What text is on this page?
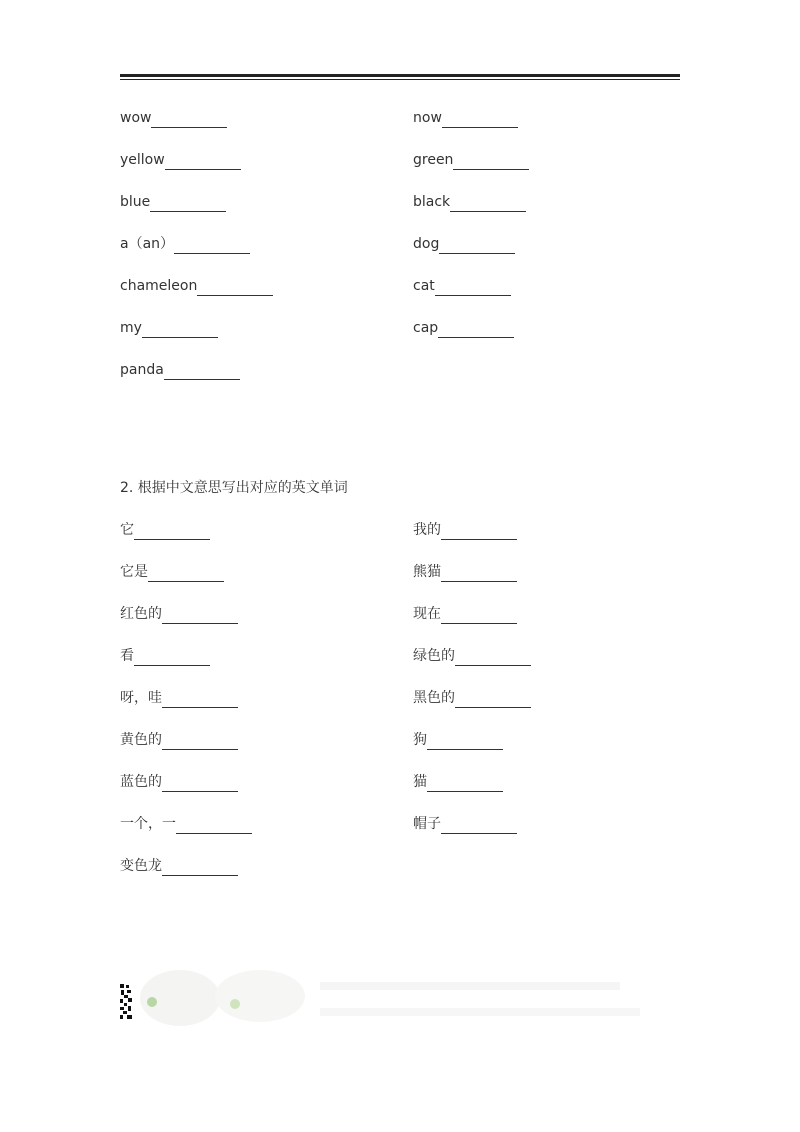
wow
yellow
blue
a（an）
chameleon
my
panda
now
green
black
dog
cat
cap
2. 根据中文意思写出对应的英文单词
它
它是
红色的
看
呀，哇
黄色的
蓝色的
一个，一
变色龙
我的
熊猫
现在
绿色的
黑色的
狗
猫
帽子
